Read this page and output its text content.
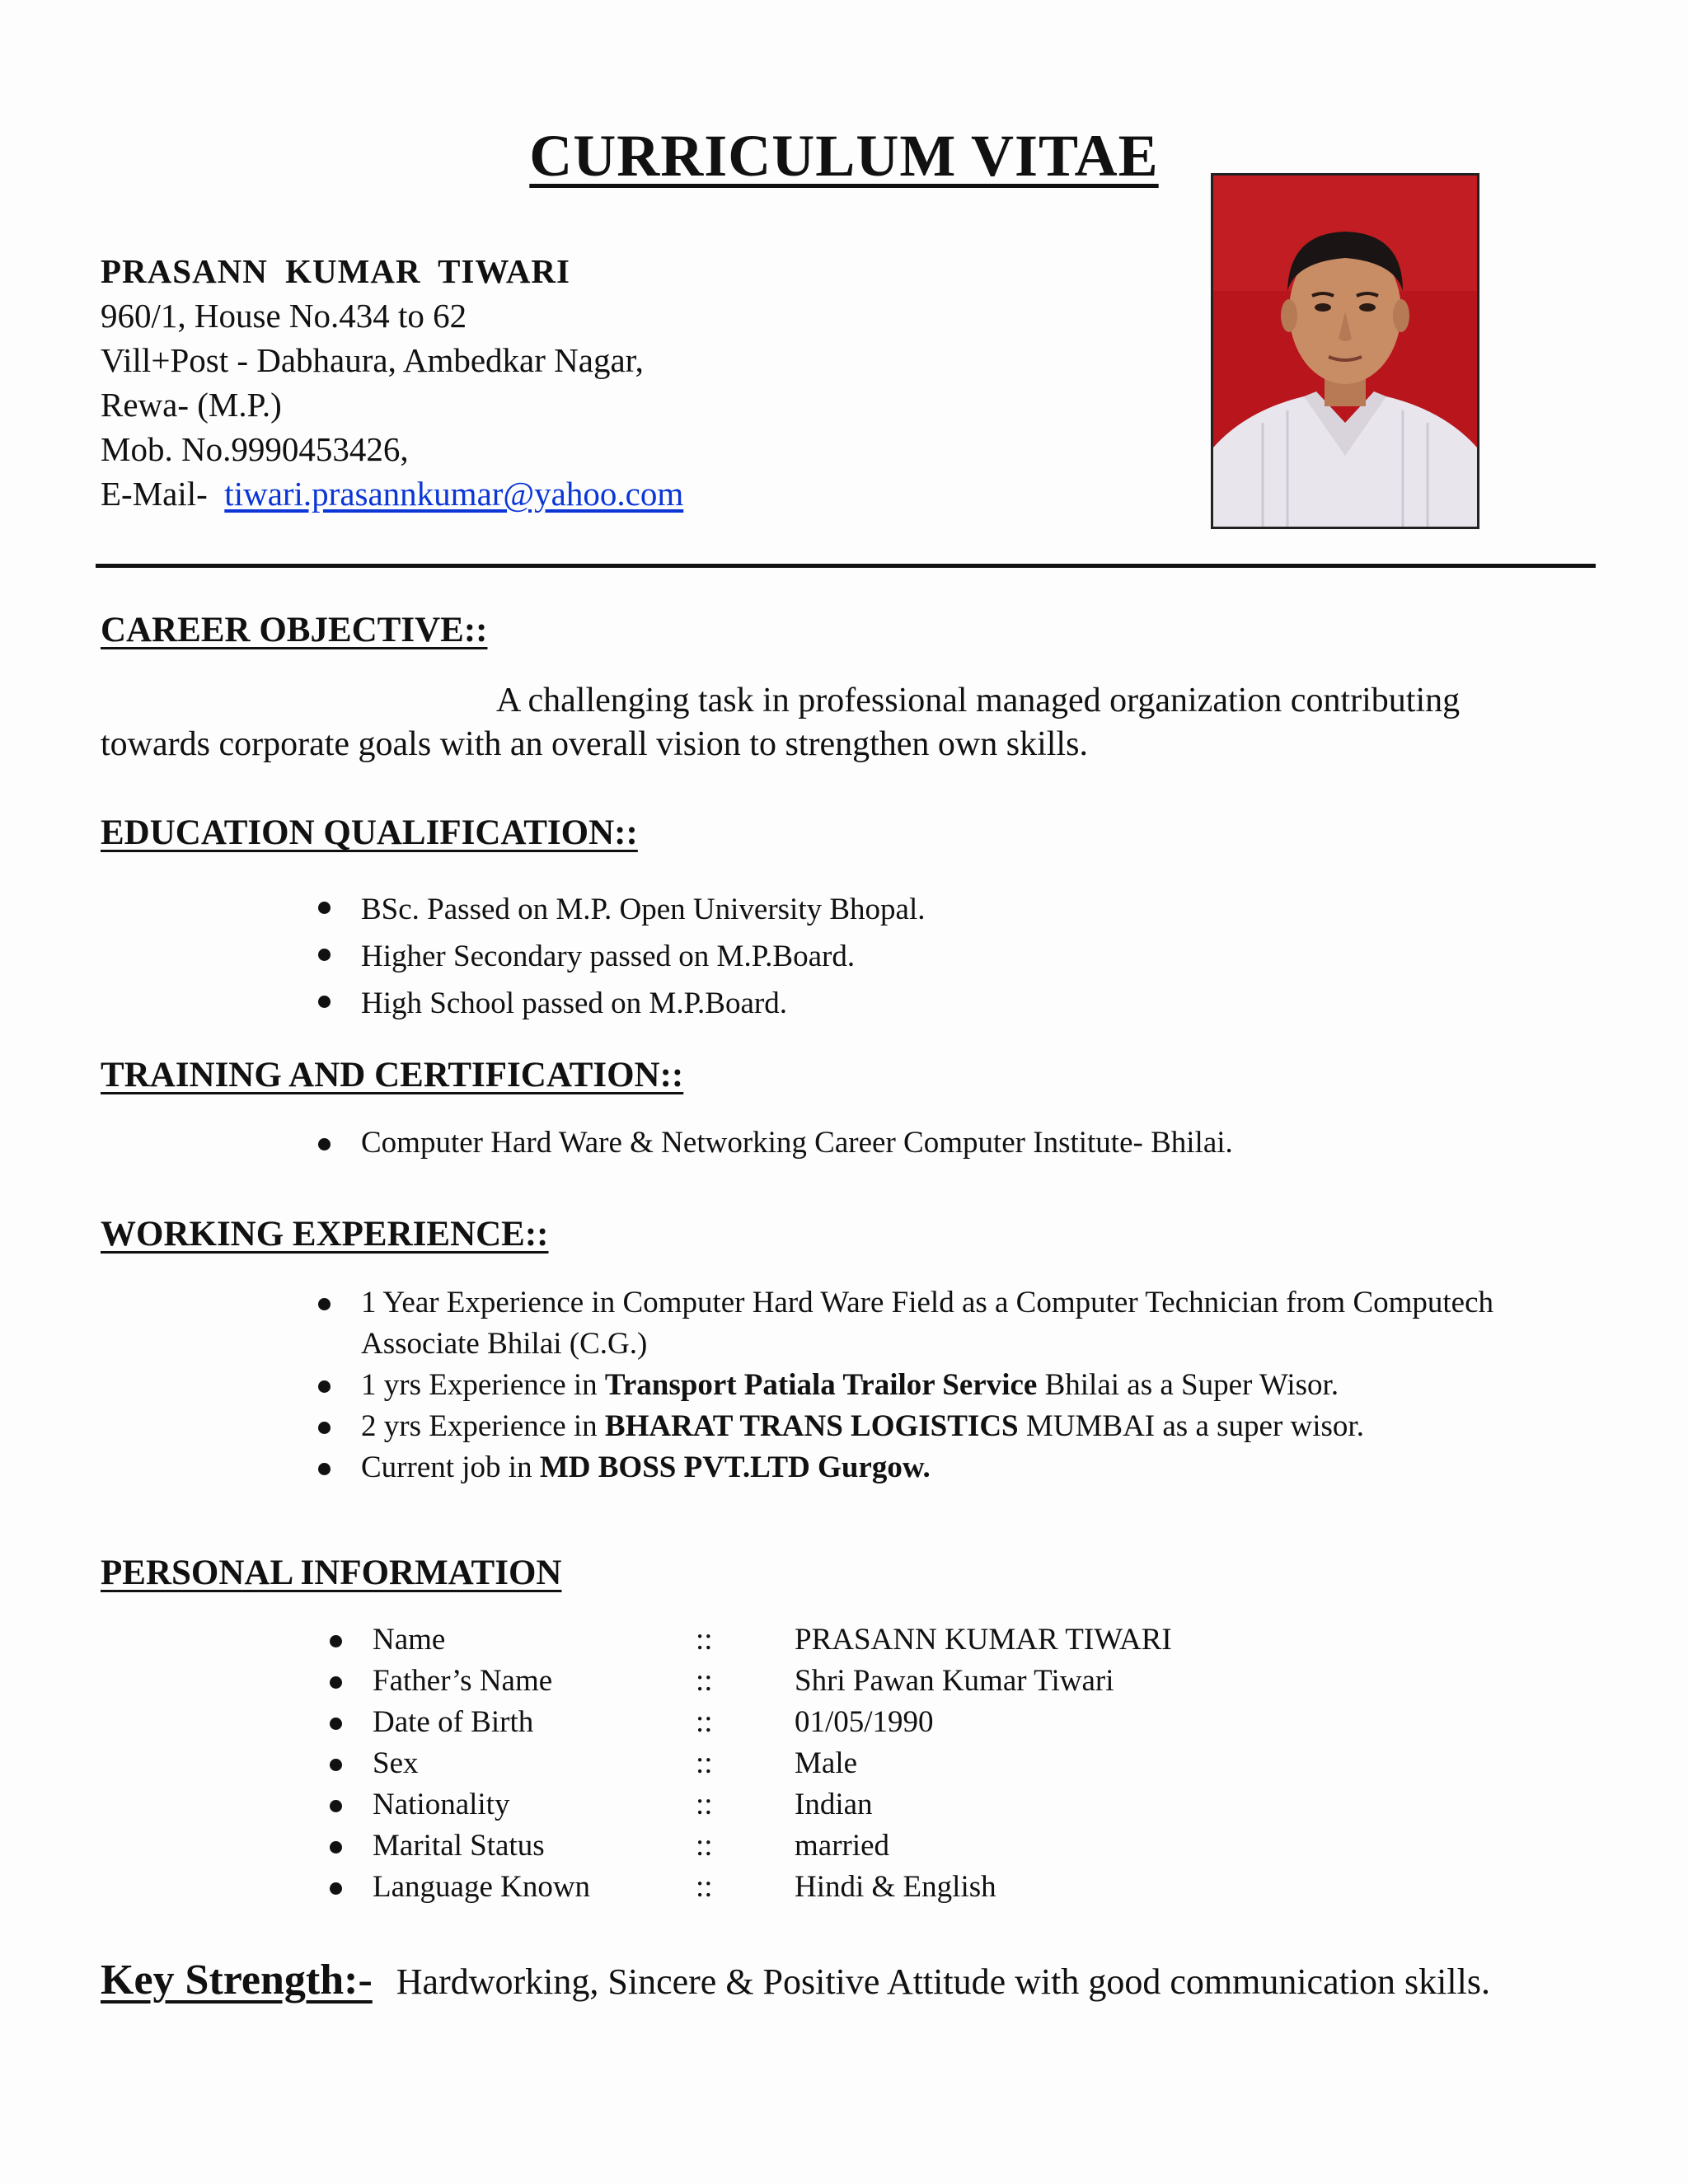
CURRICULUM VITAE
PRASANN KUMAR TIWARI
960/1, House No.434 to 62
Vill+Post - Dabhaura, Ambedkar Nagar,
Rewa- (M.P.)
Mob. No.9990453426,
E-Mail- tiwari.prasannkumar@yahoo.com
CAREER OBJECTIVE::
A challenging task in professional managed organization contributing towards corporate goals with an overall vision to strengthen own skills.
EDUCATION QUALIFICATION::
BSc. Passed on M.P. Open University Bhopal.
Higher Secondary passed on M.P.Board.
High School passed on M.P.Board.
TRAINING AND CERTIFICATION::
Computer Hard Ware & Networking Career Computer Institute- Bhilai.
WORKING EXPERIENCE::
1 Year Experience in Computer Hard Ware Field as a Computer Technician from Computech Associate Bhilai (C.G.)
1 yrs Experience in Transport Patiala Trailor Service Bhilai as a Super Wisor.
2 yrs Experience in BHARAT TRANS LOGISTICS MUMBAI as a super wisor.
Current job in MD BOSS PVT.LTD Gurgow.
PERSONAL INFORMATION
Name	::	PRASANN KUMAR TIWARI
Father’s Name	::	Shri Pawan Kumar Tiwari
Date of Birth	::	01/05/1990
Sex	::	Male
Nationality	::	Indian
Marital Status	::	married
Language Known	::	Hindi & English
Key Strength:- Hardworking, Sincere & Positive Attitude with good communication skills.
